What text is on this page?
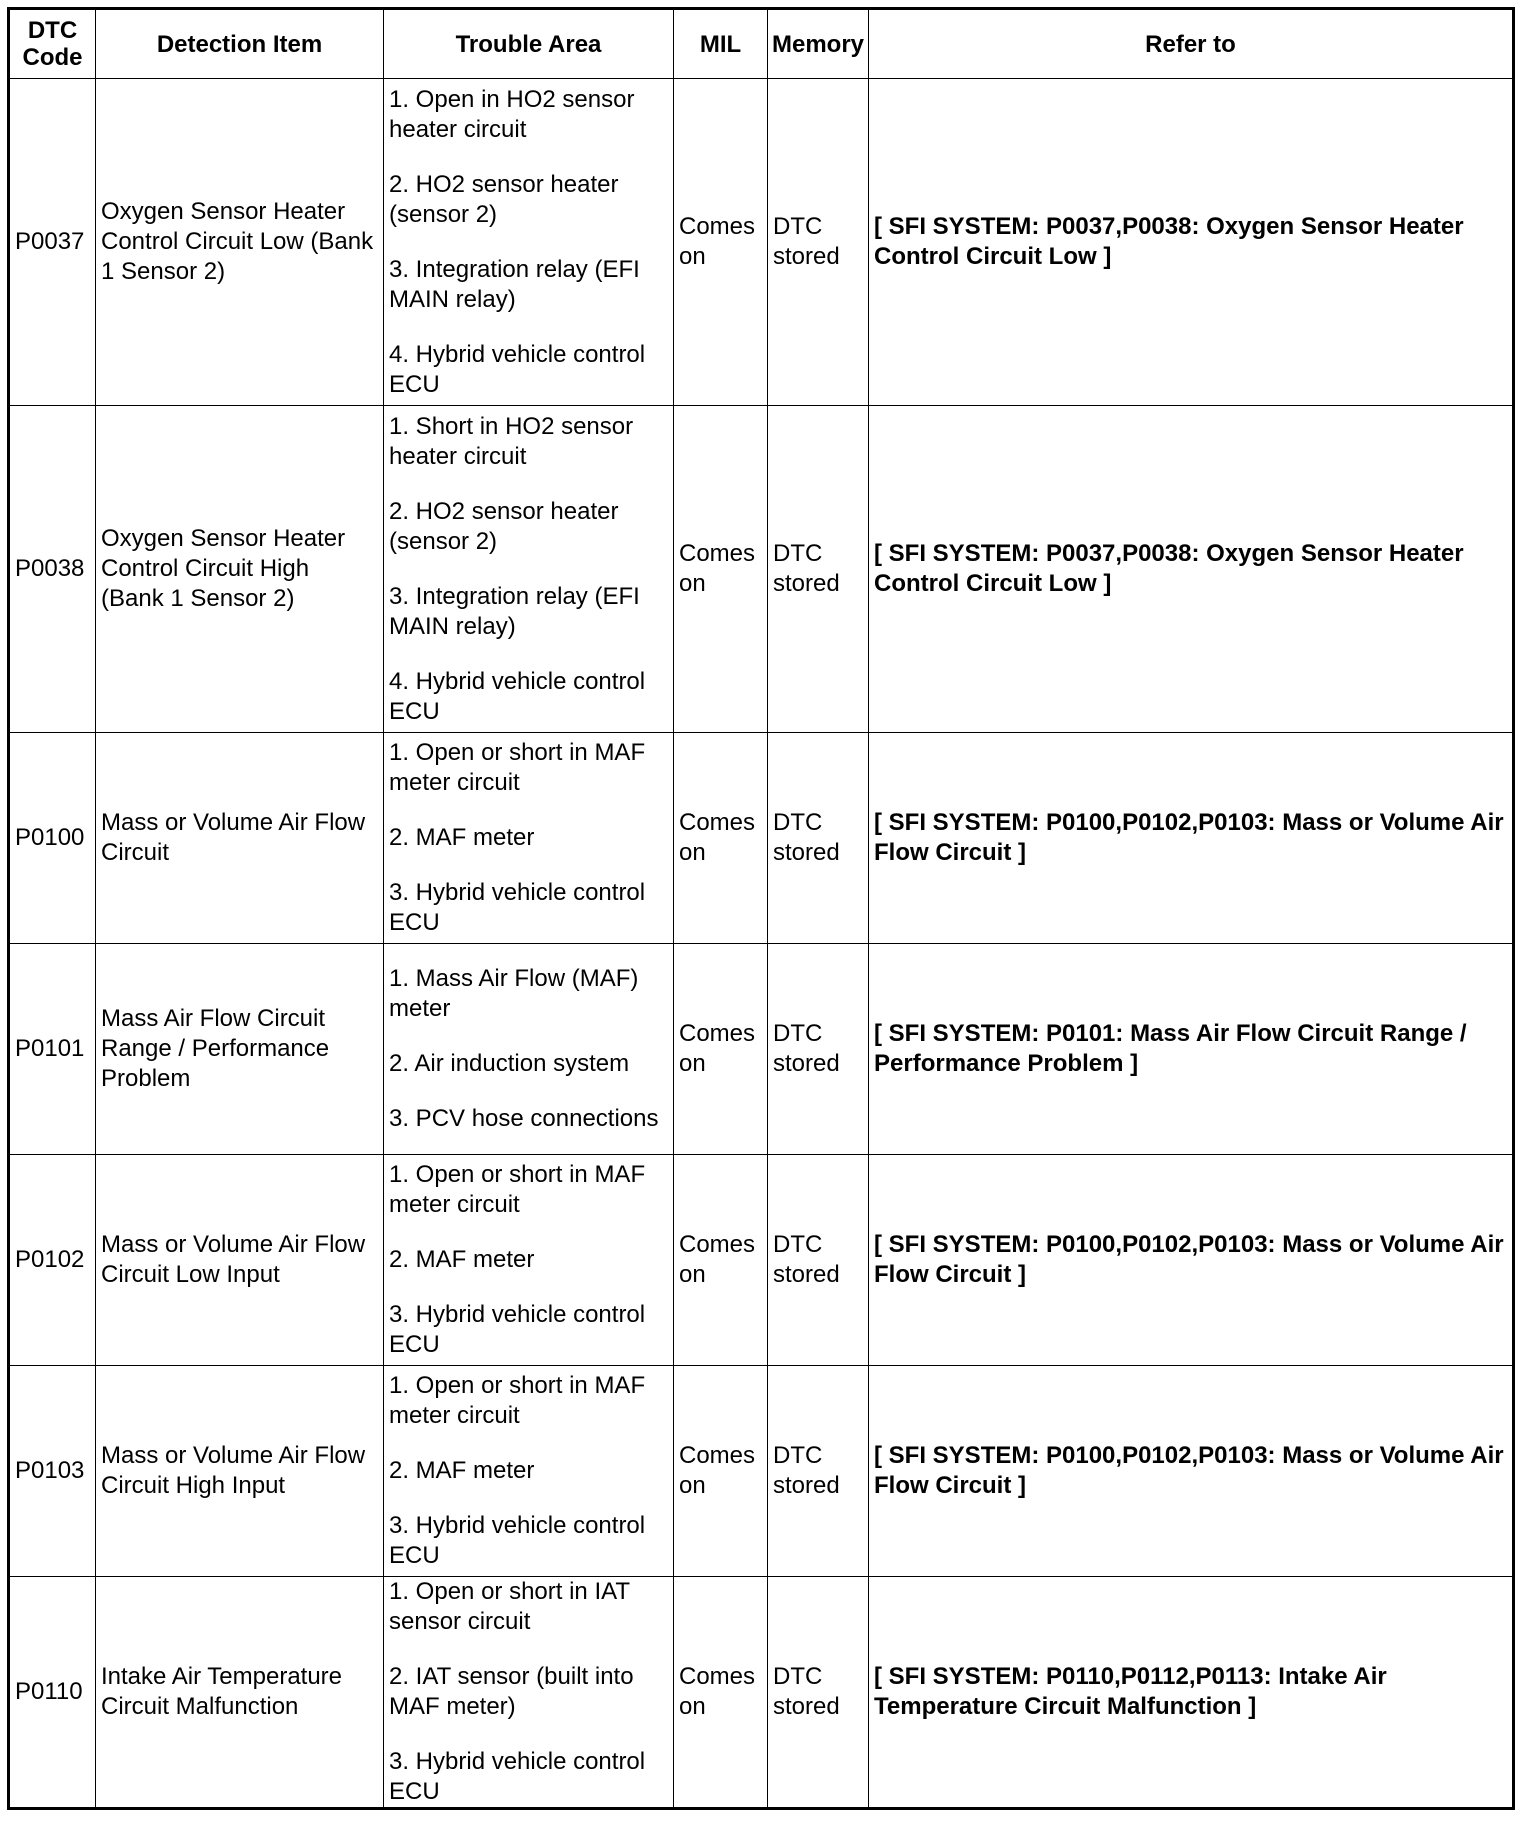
DTC Code	Detection Item	Trouble Area	MIL	Memory	Refer to
P0037	Oxygen Sensor Heater Control Circuit Low (Bank 1 Sensor 2)	1. Open in HO2 sensor heater circuit
2. HO2 sensor heater (sensor 2)
3. Integration relay (EFI MAIN relay)
4. Hybrid vehicle control ECU	Comes on	DTC stored	[ SFI SYSTEM: P0037,P0038: Oxygen Sensor Heater Control Circuit Low ]
P0038	Oxygen Sensor Heater Control Circuit High (Bank 1 Sensor 2)	1. Short in HO2 sensor heater circuit
2. HO2 sensor heater (sensor 2)
3. Integration relay (EFI MAIN relay)
4. Hybrid vehicle control ECU	Comes on	DTC stored	[ SFI SYSTEM: P0037,P0038: Oxygen Sensor Heater Control Circuit Low ]
P0100	Mass or Volume Air Flow Circuit	1. Open or short in MAF meter circuit
2. MAF meter
3. Hybrid vehicle control ECU	Comes on	DTC stored	[ SFI SYSTEM: P0100,P0102,P0103: Mass or Volume Air Flow Circuit ]
P0101	Mass Air Flow Circuit Range / Performance Problem	1. Mass Air Flow (MAF) meter
2. Air induction system
3. PCV hose connections	Comes on	DTC stored	[ SFI SYSTEM: P0101: Mass Air Flow Circuit Range / Performance Problem ]
P0102	Mass or Volume Air Flow Circuit Low Input	1. Open or short in MAF meter circuit
2. MAF meter
3. Hybrid vehicle control ECU	Comes on	DTC stored	[ SFI SYSTEM: P0100,P0102,P0103: Mass or Volume Air Flow Circuit ]
P0103	Mass or Volume Air Flow Circuit High Input	1. Open or short in MAF meter circuit
2. MAF meter
3. Hybrid vehicle control ECU	Comes on	DTC stored	[ SFI SYSTEM: P0100,P0102,P0103: Mass or Volume Air Flow Circuit ]
P0110	Intake Air Temperature Circuit Malfunction	1. Open or short in IAT sensor circuit
2. IAT sensor (built into MAF meter)
3. Hybrid vehicle control ECU	Comes on	DTC stored	[ SFI SYSTEM: P0110,P0112,P0113: Intake Air Temperature Circuit Malfunction ]
